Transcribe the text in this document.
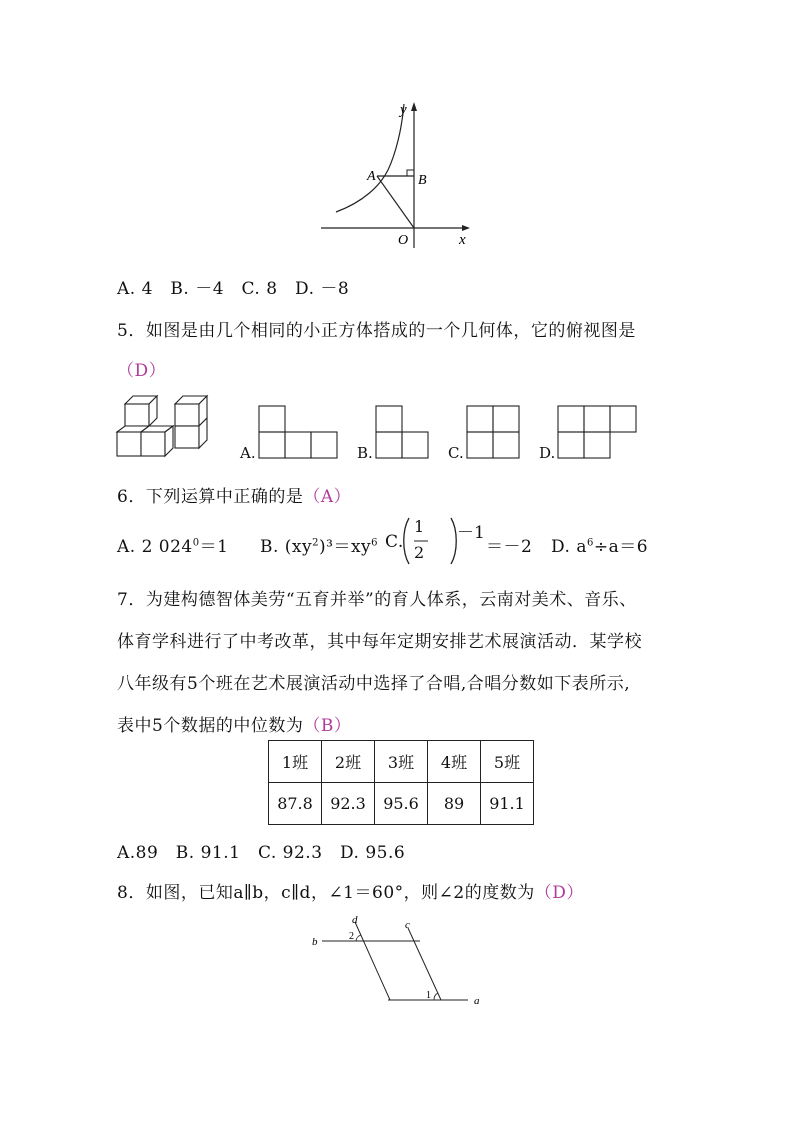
y
x
A	B
O
A. 4　B. －4　C. 8　D. －8
5．如图是由几个相同的小正方体搭成的一个几何体，它的俯视图是
（D）
A.	B.	C.	D.
6．下列运算中正确的是（A）
A. 2 $024^0=1$ B. $(xy^2)^3=xy^6$ C.
1
2
－1
＝－2 D. $a^6\div a=6$
7．为建构德智体美劳“五育并举”的育人体系，云南对美术、音乐、
体育学科进行了中考改革，其中每年定期安排艺术展演活动．某学校
八年级有5个班在艺术展演活动中选择了合唱,合唱分数如下表所示,
表中5个数据的中位数为（B）
1班	2班	3班	4班	5班
87.8	92.3	95.6	89	91.1
A.89　B. 91.1　C. 92.3　D. 95.6
8．如图，已知a∥b，c∥d，∠1＝60°，则∠2的度数为（D）
d	c
b
a
1
2
